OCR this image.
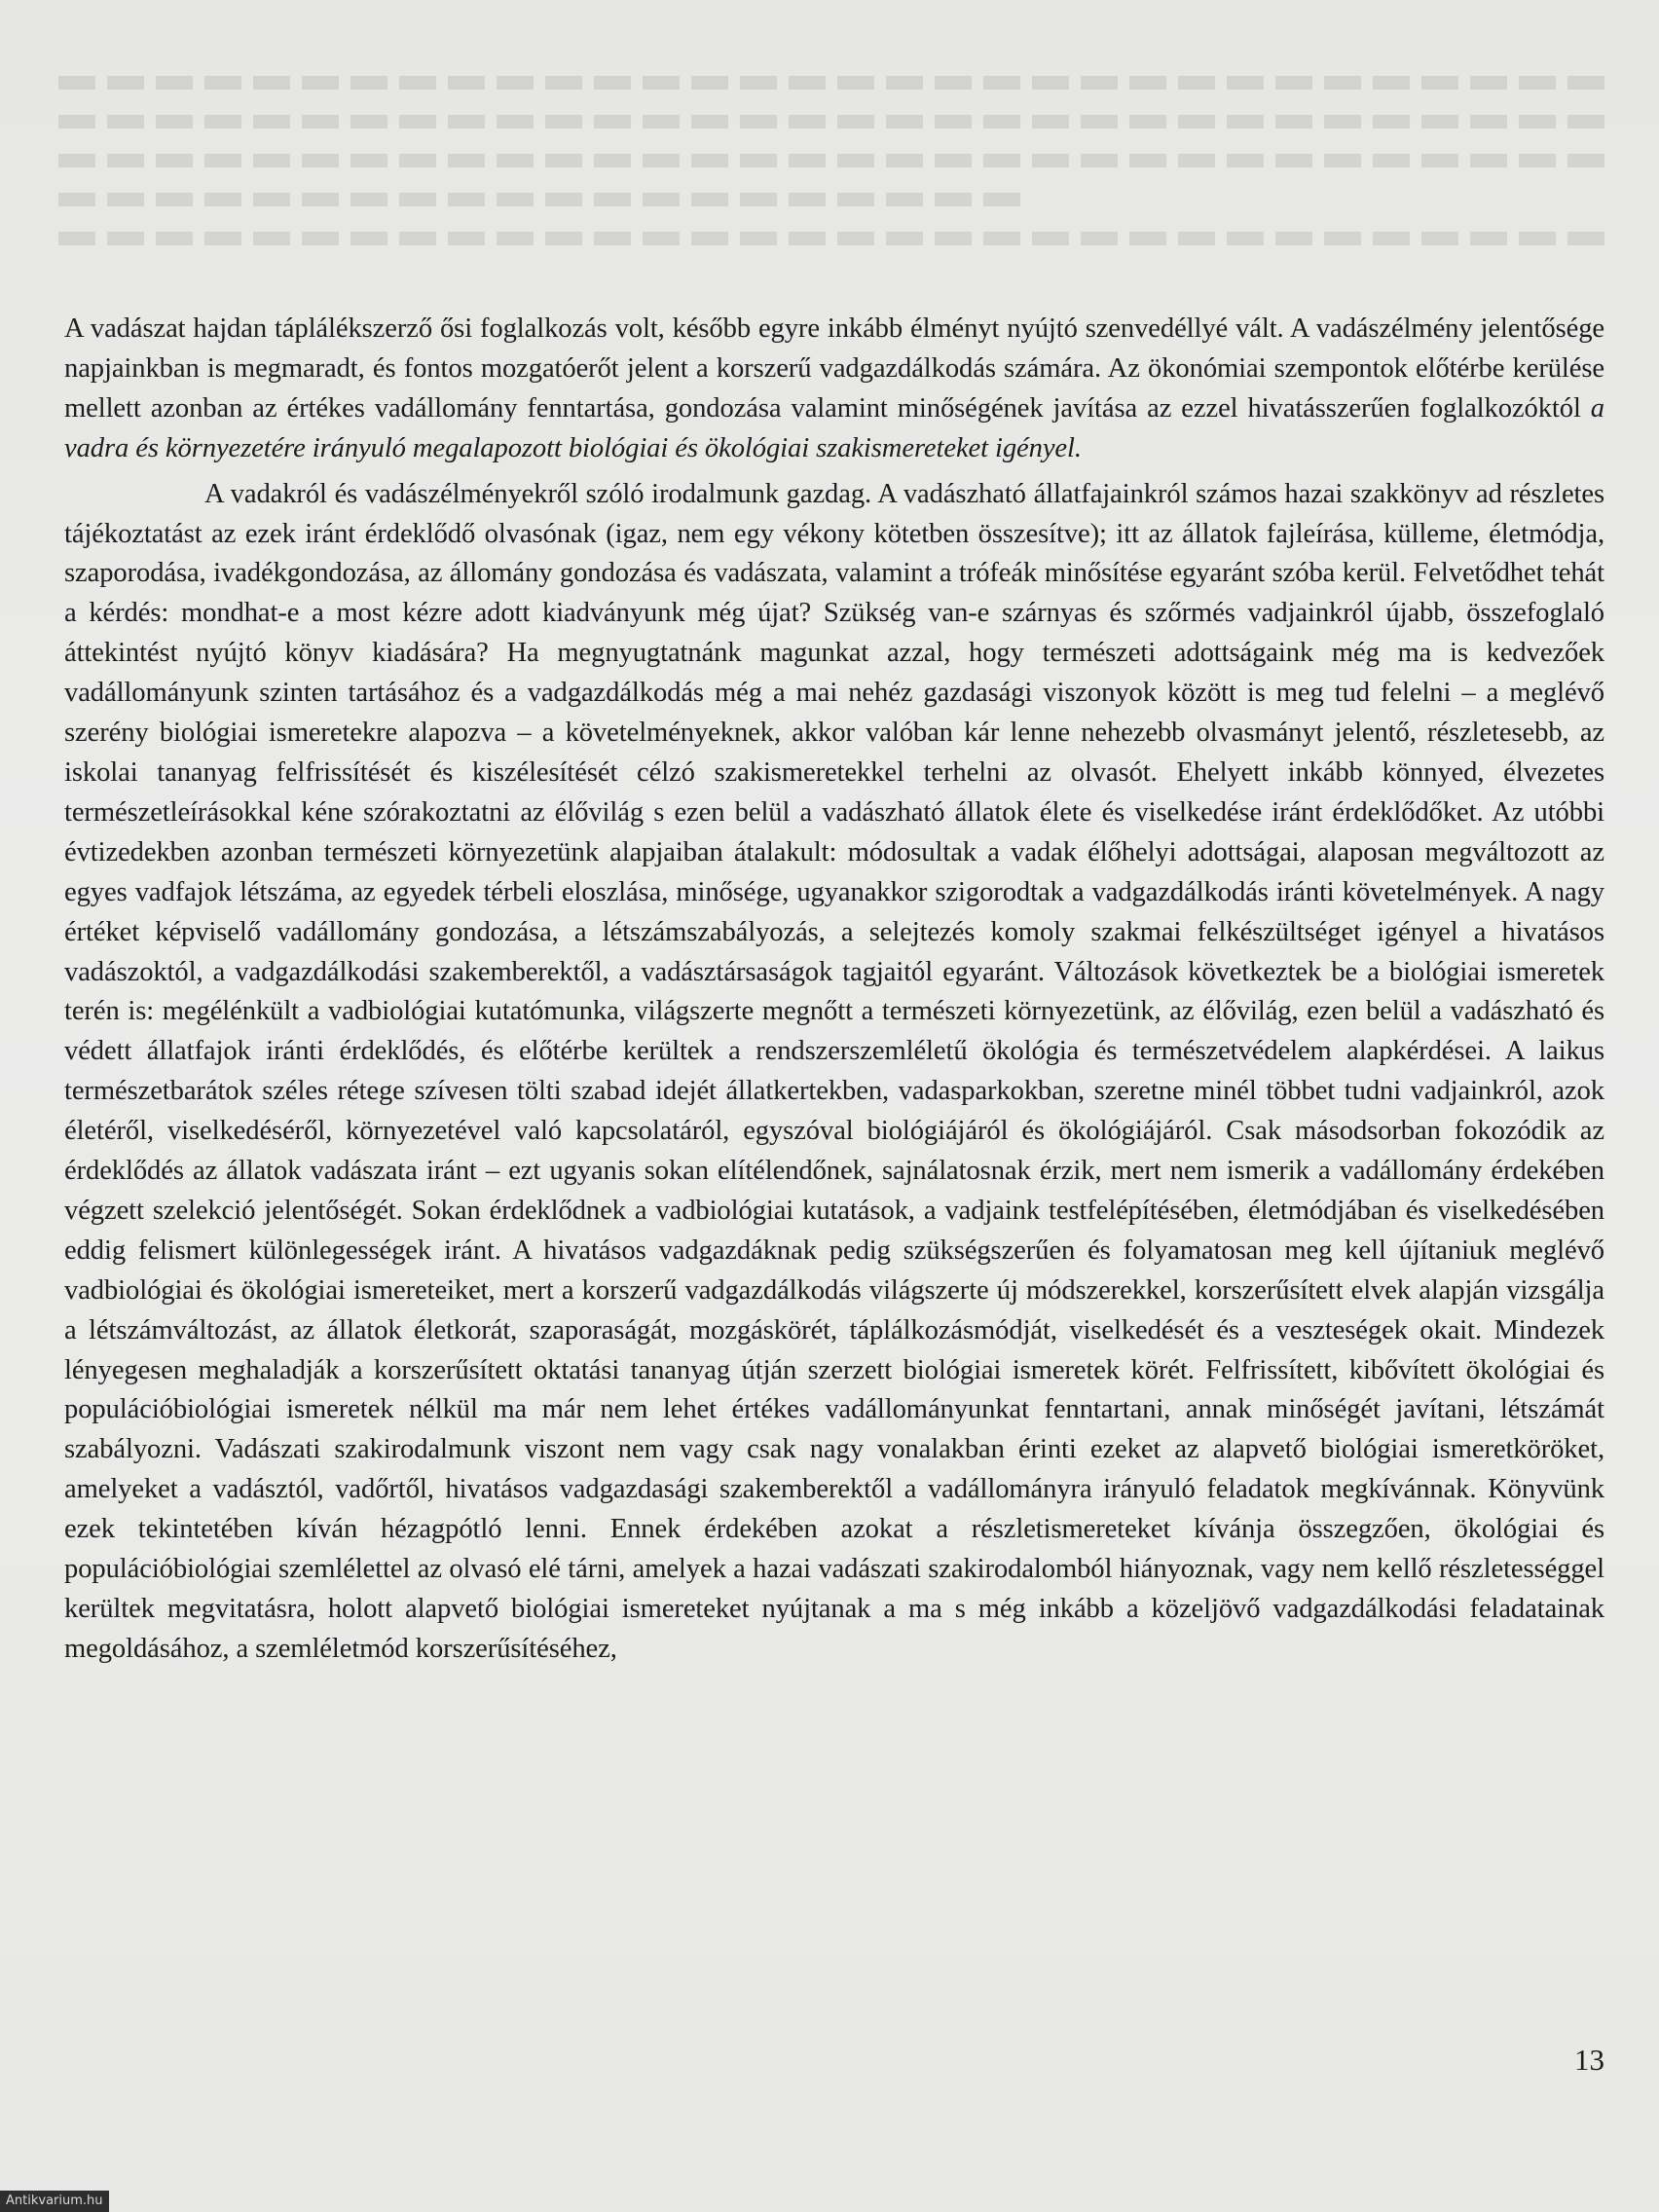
A vadászat hajdan táplálékszerző ősi foglalkozás volt, később egyre inkább élményt nyújtó szenvedéllyé vált. A vadászélmény jelentősége napjainkban is megmaradt, és fontos mozgatóerőt jelent a korszerű vadgazdálkodás számára. Az ökonómiai szempontok előtérbe kerülése mellett azonban az értékes vadállomány fenntartása, gondozása valamint minőségének javítása az ezzel hivatásszerűen foglalkozóktól a vadra és környezetére irányuló megalapozott biológiai és ökológiai szakismereteket igényel.

A vadakról és vadászélményekről szóló irodalmunk gazdag. A vadászható állatfajainkról számos hazai szakkönyv ad részletes tájékoztatást az ezek iránt érdeklődő olvasónak (igaz, nem egy vékony kötetben összesítve); itt az állatok fajleírása, külleme, életmódja, szaporodása, ivadékgondozása, az állomány gondozása és vadászata, valamint a trófeák minősítése egyaránt szóba kerül. Felvetődhet tehát a kérdés: mondhat-e a most kézre adott kiadványunk még újat? Szükség van-e szárnyas és szőrmés vadjainkról újabb, összefoglaló áttekintést nyújtó könyv kiadására? Ha megnyugtatnánk magunkat azzal, hogy természeti adottságaink még ma is kedvezőek vadállományunk szinten tartásához és a vadgazdálkodás még a mai nehéz gazdasági viszonyok között is meg tud felelni – a meglévő szerény biológiai ismeretekre alapozva – a követelményeknek, akkor valóban kár lenne nehezebb olvasmányt jelentő, részletesebb, az iskolai tananyag felfrissítését és kiszélesítését célzó szakismeretekkel terhelni az olvasót. Ehelyett inkább könnyed, élvezetes természetleírásokkal kéne szórakoztatni az élővilág s ezen belül a vadászható állatok élete és viselkedése iránt érdeklődőket. Az utóbbi évtizedekben azonban természeti környezetünk alapjaiban átalakult: módosultak a vadak élőhelyi adottságai, alaposan megváltozott az egyes vadfajok létszáma, az egyedek térbeli eloszlása, minősége, ugyanakkor szigorodtak a vadgazdálkodás iránti követelmények. A nagy értéket képviselő vadállomány gondozása, a létszámszabályozás, a selejtezés komoly szakmai felkészültséget igényel a hivatásos vadászoktól, a vadgazdálkodási szakemberektől, a vadásztársaságok tagjaitól egyaránt. Változások következtek be a biológiai ismeretek terén is: megélénkült a vadbiológiai kutatómunka, világszerte megnőtt a természeti környezetünk, az élővilág, ezen belül a vadászható és védett állatfajok iránti érdeklődés, és előtérbe kerültek a rendszerszemléletű ökológia és természetvédelem alapkérdései. A laikus természetbarátok széles rétege szívesen tölti szabad idejét állatkertekben, vadasparkokban, szeretne minél többet tudni vadjainkról, azok életéről, viselkedéséről, környezetével való kapcsolatáról, egyszóval biológiájáról és ökológiájáról. Csak másodsorban fokozódik az érdeklődés az állatok vadászata iránt – ezt ugyanis sokan elítélendőnek, sajnálatosnak érzik, mert nem ismerik a vadállomány érdekében végzett szelekció jelentőségét. Sokan érdeklődnek a vadbiológiai kutatások, a vadjaink testfelépítésében, életmódjában és viselkedésében eddig felismert különlegességek iránt. A hivatásos vadgazdáknak pedig szükségszerűen és folyamatosan meg kell újítaniuk meglévő vadbiológiai és ökológiai ismereteiket, mert a korszerű vadgazdálkodás világszerte új módszerekkel, korszerűsített elvek alapján vizsgálja a létszámváltozást, az állatok életkorát, szaporaságát, mozgáskörét, táplálkozásmódját, viselkedését és a veszteségek okait. Mindezek lényegesen meghaladják a korszerűsített oktatási tananyag útján szerzett biológiai ismeretek körét. Felfrissített, kibővített ökológiai és populációbiológiai ismeretek nélkül ma már nem lehet értékes vadállományunkat fenntartani, annak minőségét javítani, létszámát szabályozni. Vadászati szakirodalmunk viszont nem vagy csak nagy vonalakban érinti ezeket az alapvető biológiai ismeretköröket, amelyeket a vadásztól, vadőrtől, hivatásos vadgazdasági szakemberektől a vadállományra irányuló feladatok megkívánnak. Könyvünk ezek tekintetében kíván hézagpótló lenni. Ennek érdekében azokat a részletismereteket kívánja összegzően, ökológiai és populációbiológiai szemlélettel az olvasó elé tárni, amelyek a hazai vadászati szakirodalomból hiányoznak, vagy nem kellő részletességgel kerültek megvitatásra, holott alapvető biológiai ismereteket nyújtanak a ma s még inkább a közeljövő vadgazdálkodási feladatainak megoldásához, a szemléletmód korszerűsítéséhez,

13
Antikvarium.hu
